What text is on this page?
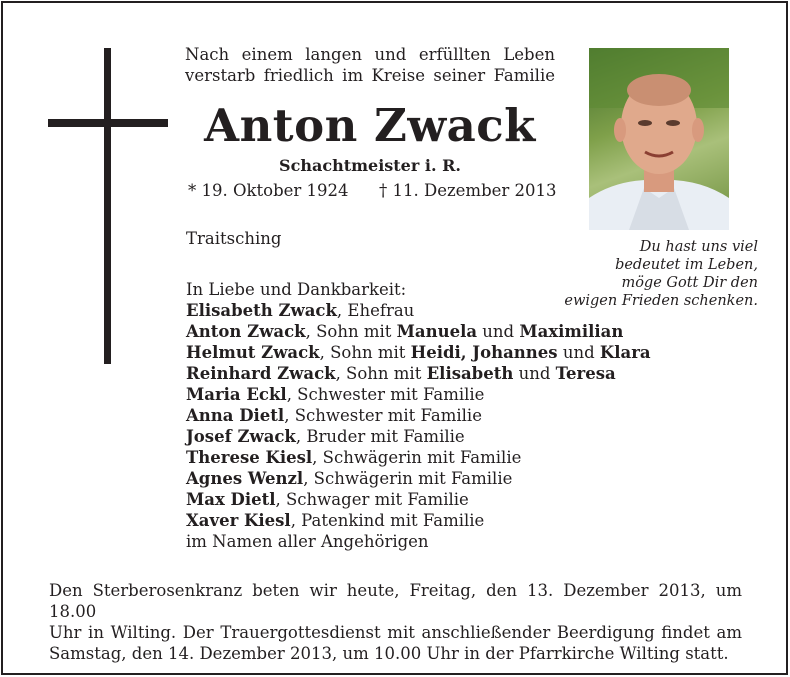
Nach einem langen und erfüllten Leben
verstarb friedlich im Kreise seiner Familie
Anton Zwack
Schachtmeister i. R.
* 19. Oktober 1924 † 11. Dezember 2013
Traitsching	Du hast uns viel
bedeutet im Leben,
möge Gott Dir den
ewigen Frieden schenken.
In Liebe und Dankbarkeit:
Elisabeth Zwack, Ehefrau
Anton Zwack, Sohn mit Manuela und Maximilian
Helmut Zwack, Sohn mit Heidi, Johannes und Klara
Reinhard Zwack, Sohn mit Elisabeth und Teresa
Maria Eckl, Schwester mit Familie
Anna Dietl, Schwester mit Familie
Josef Zwack, Bruder mit Familie
Therese Kiesl, Schwägerin mit Familie
Agnes Wenzl, Schwägerin mit Familie
Max Dietl, Schwager mit Familie
Xaver Kiesl, Patenkind mit Familie
im Namen aller Angehörigen
Den Sterberosenkranz beten wir heute, Freitag, den 13. Dezember 2013, um 18.00
Uhr in Wilting. Der Trauergottesdienst mit anschließender Beerdigung findet am
Samstag, den 14. Dezember 2013, um 10.00 Uhr in der Pfarrkirche Wilting statt.
